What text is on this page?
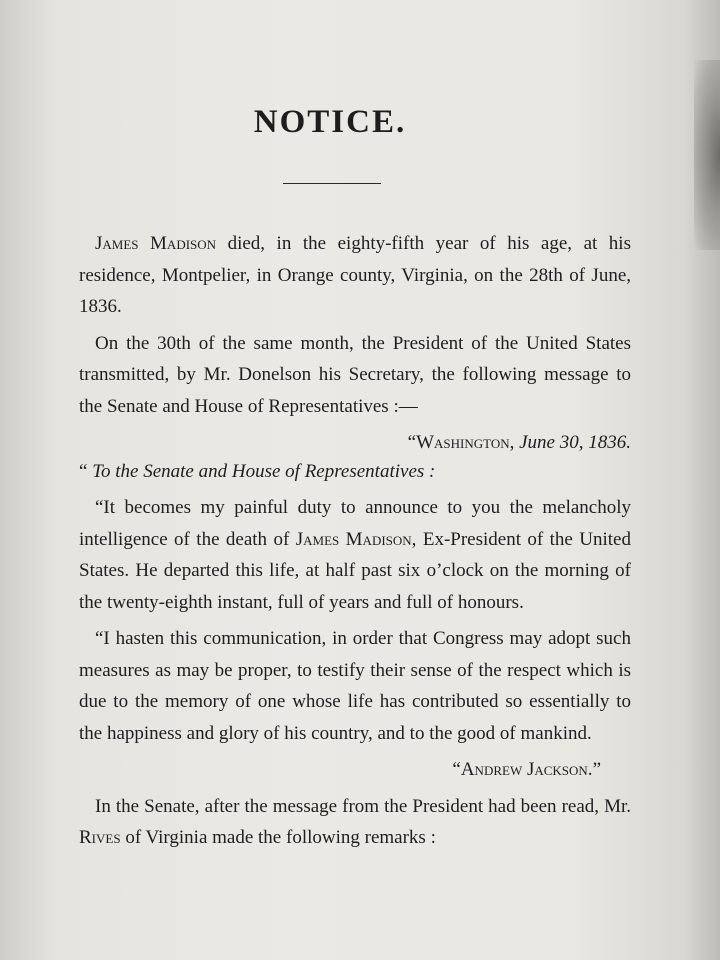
NOTICE.

James Madison died, in the eighty-fifth year of his age, at his residence, Montpelier, in Orange county, Virginia, on the 28th of June, 1836.

On the 30th of the same month, the President of the United States transmitted, by Mr. Donelson his Secretary, the following message to the Senate and House of Representatives :—

“Washington, June 30, 1836.

“ To the Senate and House of Representatives :

“It becomes my painful duty to announce to you the melancholy intelligence of the death of James Madison, Ex-President of the United States. He departed this life, at half past six o’clock on the morning of the twenty-eighth instant, full of years and full of honours.

“I hasten this communication, in order that Congress may adopt such measures as may be proper, to testify their sense of the respect which is due to the memory of one whose life has contributed so essentially to the happiness and glory of his country, and to the good of mankind.

“Andrew Jackson.”

In the Senate, after the message from the President had been read, Mr. Rives of Virginia made the following remarks :
